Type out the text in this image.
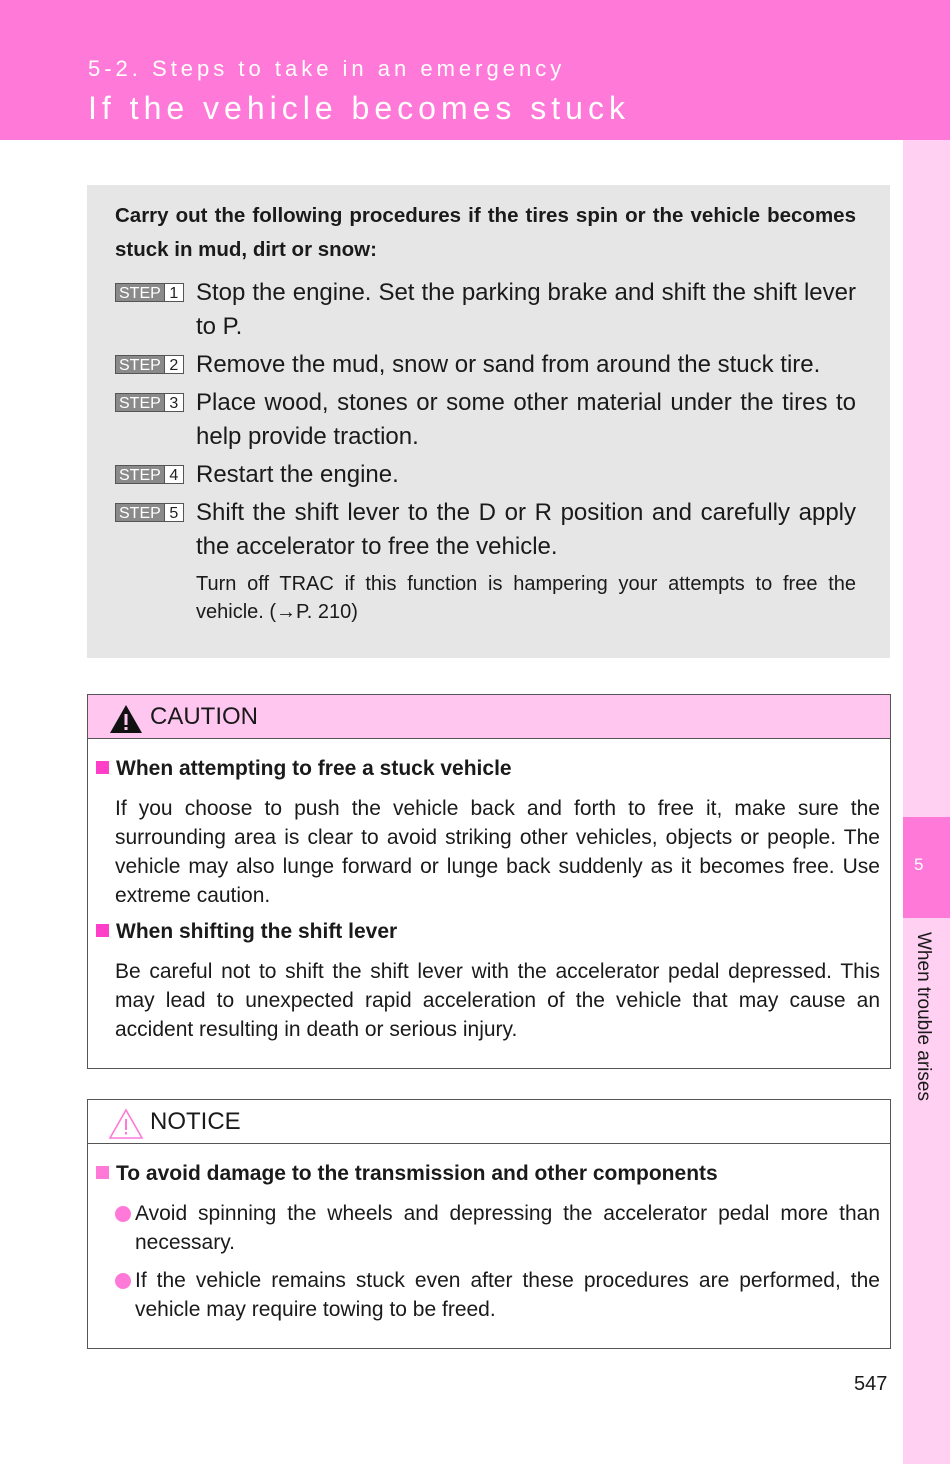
5-2. Steps to take in an emergency
If the vehicle becomes stuck
5
When trouble arises
Carry out the following procedures if the tires spin or the vehicle becomes stuck in mud, dirt or snow:
STEP 1 Stop the engine. Set the parking brake and shift the shift lever to P.
STEP 2 Remove the mud, snow or sand from around the stuck tire.
STEP 3 Place wood, stones or some other material under the tires to help provide traction.
STEP 4 Restart the engine.
STEP 5 Shift the shift lever to the D or R position and carefully apply the accelerator to free the vehicle.
Turn off TRAC if this function is hampering your attempts to free the vehicle. (→P. 210)
CAUTION
When attempting to free a stuck vehicle
If you choose to push the vehicle back and forth to free it, make sure the surrounding area is clear to avoid striking other vehicles, objects or people. The vehicle may also lunge forward or lunge back suddenly as it becomes free. Use extreme caution.
When shifting the shift lever
Be careful not to shift the shift lever with the accelerator pedal depressed. This may lead to unexpected rapid acceleration of the vehicle that may cause an accident resulting in death or serious injury.
NOTICE
To avoid damage to the transmission and other components
Avoid spinning the wheels and depressing the accelerator pedal more than necessary.
If the vehicle remains stuck even after these procedures are performed, the vehicle may require towing to be freed.
547
